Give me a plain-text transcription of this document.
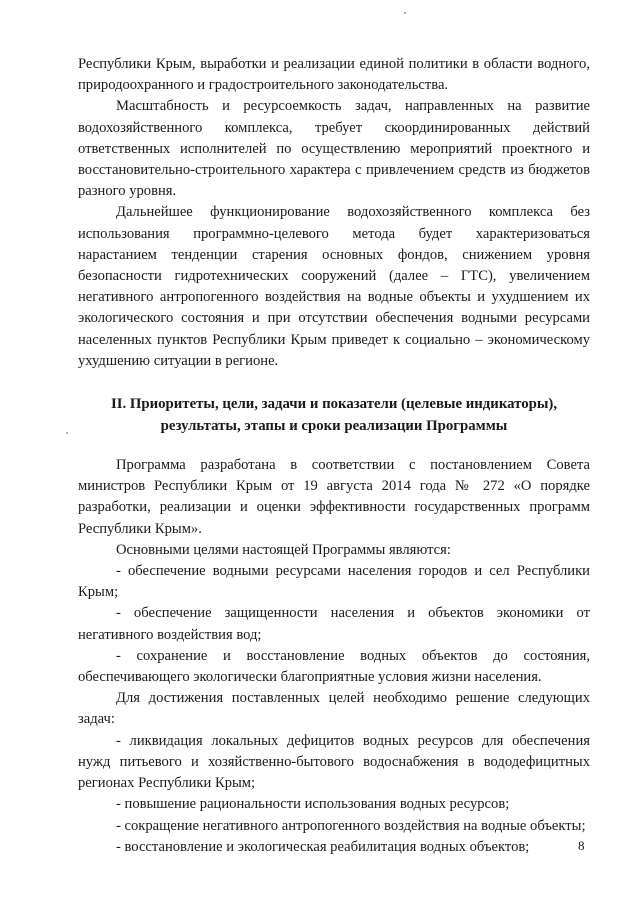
Республики Крым, выработки и реализации единой политики в области водного, природоохранного и градостроительного законодательства.

Масштабность и ресурсоемкость задач, направленных на развитие водохозяйственного комплекса, требует скоординированных действий ответственных исполнителей по осуществлению мероприятий проектного и восстановительно-строительного характера с привлечением средств из бюджетов разного уровня.

Дальнейшее функционирование водохозяйственного комплекса без использования программно-целевого метода будет характеризоваться нарастанием тенденции старения основных фондов, снижением уровня безопасности гидротехнических сооружений (далее – ГТС), увеличением негативного антропогенного воздействия на водные объекты и ухудшением их экологического состояния и при отсутствии обеспечения водными ресурсами населенных пунктов Республики Крым приведет к социально – экономическому ухудшению ситуации в регионе.

II. Приоритеты, цели, задачи и показатели (целевые индикаторы),

результаты, этапы и сроки реализации Программы

Программа разработана в соответствии с постановлением Совета министров Республики Крым от 19 августа 2014 года № 272 «О порядке разработки, реализации и оценки эффективности государственных программ Республики Крым».

Основными целями настоящей Программы являются:

- обеспечение водными ресурсами населения городов и сел Республики Крым;

- обеспечение защищенности населения и объектов экономики от негативного воздействия вод;

- сохранение и восстановление водных объектов до состояния, обеспечивающего экологически благоприятные условия жизни населения.

Для достижения поставленных целей необходимо решение следующих задач:

- ликвидация локальных дефицитов водных ресурсов для обеспечения нужд питьевого и хозяйственно-бытового водоснабжения в вододефицитных регионах Республики Крым;

- повышение рациональности использования водных ресурсов;

- сокращение негативного антропогенного воздействия на водные объекты;

- восстановление и экологическая реабилитация водных объектов;	8
